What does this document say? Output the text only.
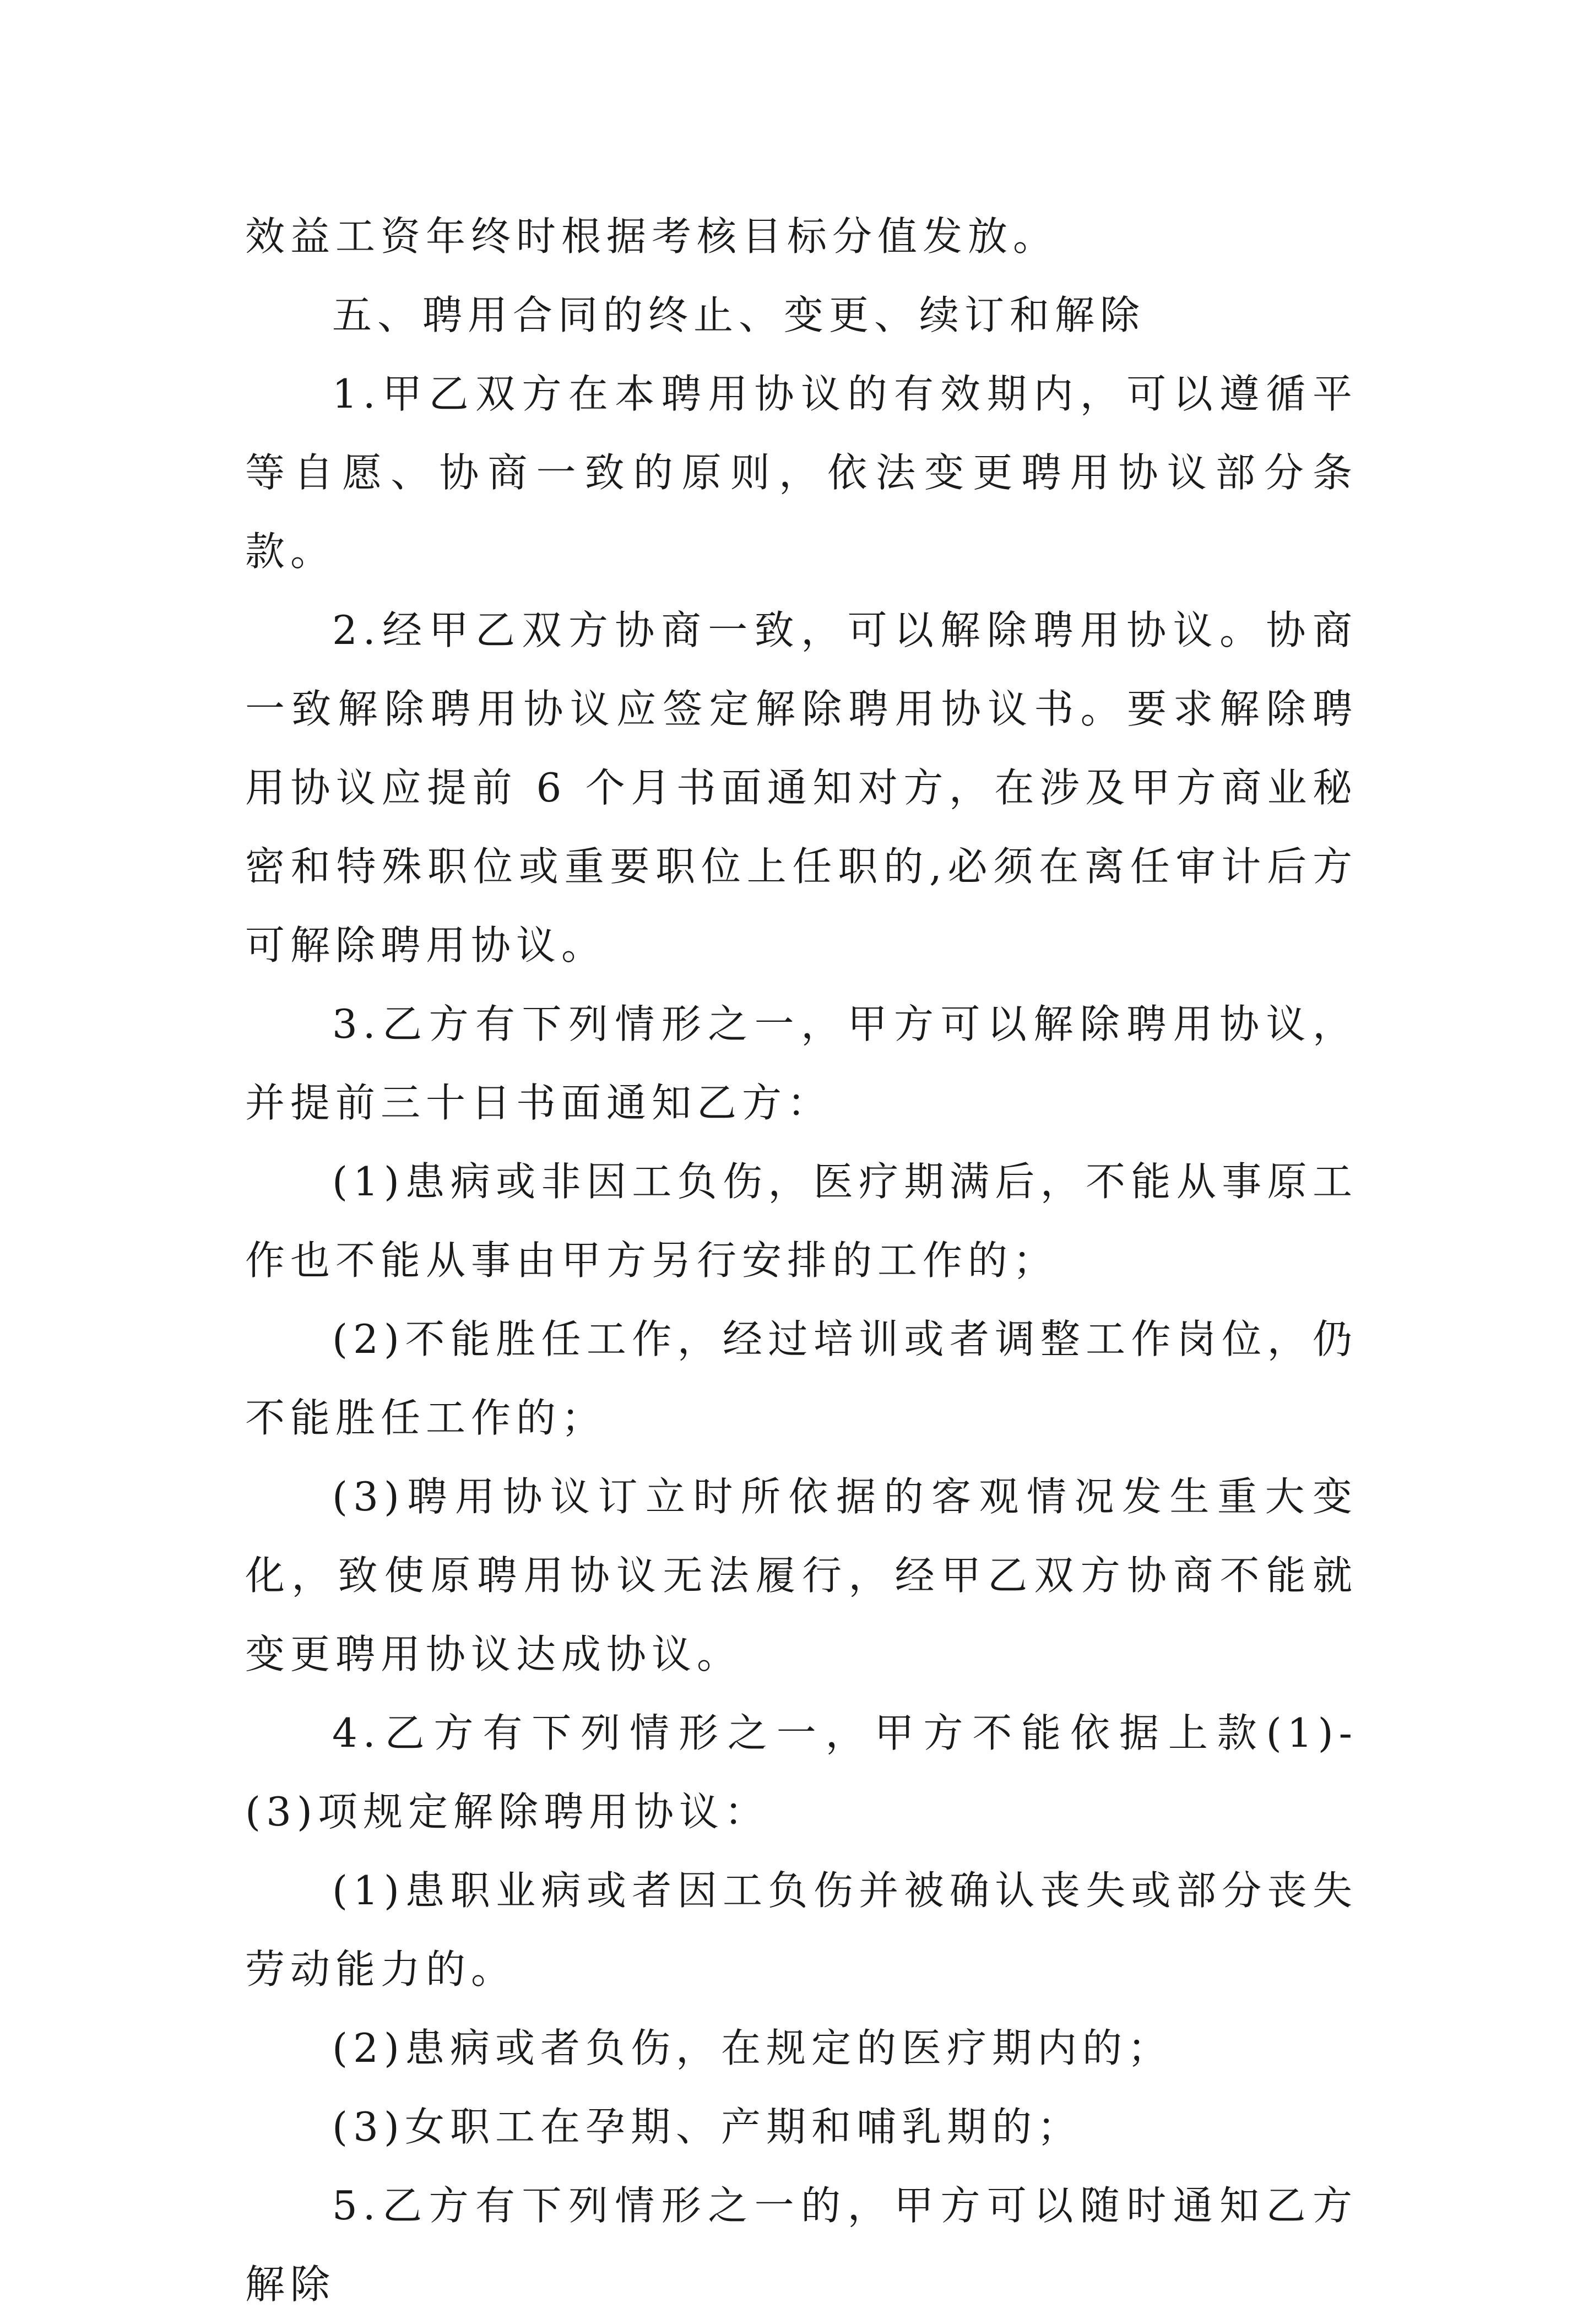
效益工资年终时根据考核目标分值发放。

五、聘用合同的终止、变更、续订和解除

1.甲乙双方在本聘用协议的有效期内，可以遵循平等自愿、协商一致的原则，依法变更聘用协议部分条款。

2.经甲乙双方协商一致，可以解除聘用协议。协商一致解除聘用协议应签定解除聘用协议书。要求解除聘用协议应提前 6 个月书面通知对方，在涉及甲方商业秘密和特殊职位或重要职位上任职的,必须在离任审计后方可解除聘用协议。

3.乙方有下列情形之一，甲方可以解除聘用协议，并提前三十日书面通知乙方：

(1)患病或非因工负伤，医疗期满后，不能从事原工作也不能从事由甲方另行安排的工作的；

(2)不能胜任工作，经过培训或者调整工作岗位，仍不能胜任工作的；

(3)聘用协议订立时所依据的客观情况发生重大变化，致使原聘用协议无法履行，经甲乙双方协商不能就变更聘用协议达成协议。

4.乙方有下列情形之一，甲方不能依据上款(1)-(3)项规定解除聘用协议：

(1)患职业病或者因工负伤并被确认丧失或部分丧失劳动能力的。

(2)患病或者负伤，在规定的医疗期内的；

(3)女职工在孕期、产期和哺乳期的；

5.乙方有下列情形之一的，甲方可以随时通知乙方解除
